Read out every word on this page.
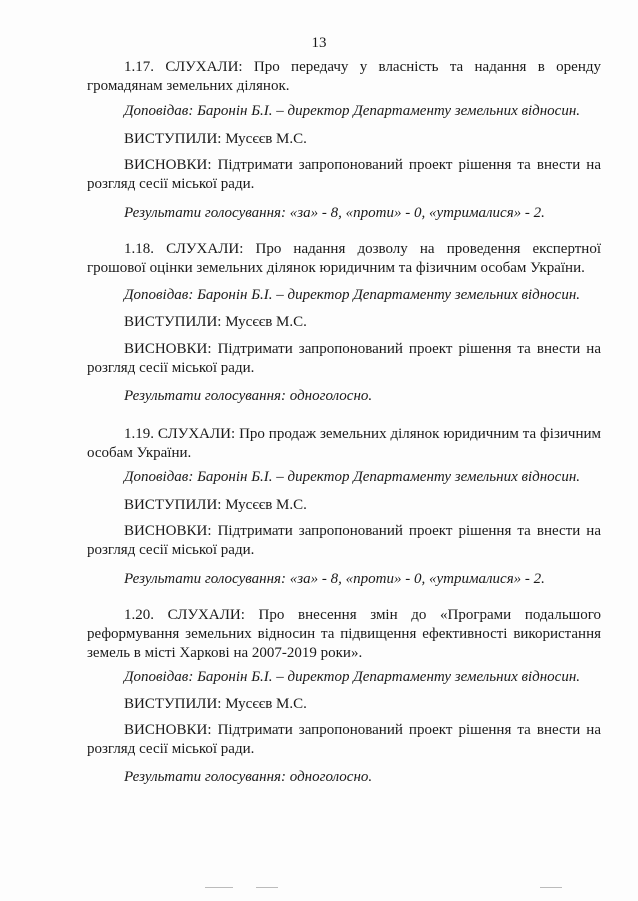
13
1.17. СЛУХАЛИ: Про передачу у власність та надання в оренду громадянам земельних ділянок.
Доповідав: Баронін Б.І. – директор Департаменту земельних відносин.
ВИСТУПИЛИ: Мусєєв М.С.
ВИСНОВКИ: Підтримати запропонований проект рішення та внести на розгляд сесії міської ради.
Результати голосування: «за» - 8, «проти» - 0, «утрималися» - 2.
1.18. СЛУХАЛИ: Про надання дозволу на проведення експертної грошової оцінки земельних ділянок юридичним та фізичним особам України.
Доповідав: Баронін Б.І. – директор Департаменту земельних відносин.
ВИСТУПИЛИ: Мусєєв М.С.
ВИСНОВКИ: Підтримати запропонований проект рішення та внести на розгляд сесії міської ради.
Результати голосування: одноголосно.
1.19. СЛУХАЛИ: Про продаж земельних ділянок юридичним та фізичним особам України.
Доповідав: Баронін Б.І. – директор Департаменту земельних відносин.
ВИСТУПИЛИ: Мусєєв М.С.
ВИСНОВКИ: Підтримати запропонований проект рішення та внести на розгляд сесії міської ради.
Результати голосування: «за» - 8, «проти» - 0, «утрималися» - 2.
1.20. СЛУХАЛИ: Про внесення змін до «Програми подальшого реформування земельних відносин та підвищення ефективності використання земель в місті Харкові на 2007-2019 роки».
Доповідав: Баронін Б.І. – директор Департаменту земельних відносин.
ВИСТУПИЛИ: Мусєєв М.С.
ВИСНОВКИ: Підтримати запропонований проект рішення та внести на розгляд сесії міської ради.
Результати голосування: одноголосно.
